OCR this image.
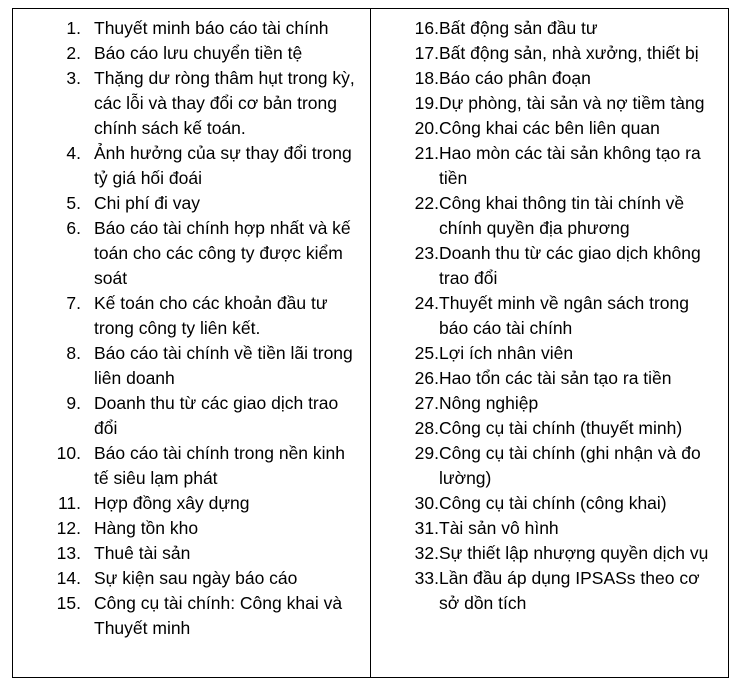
1. Thuyết minh báo cáo tài chính
2. Báo cáo lưu chuyển tiền tệ
3. Thặng dư ròng thâm hụt trong kỳ, các lỗi và thay đổi cơ bản trong chính sách kế toán.
4. Ảnh hưởng của sự thay đổi trong tỷ giá hối đoái
5. Chi phí đi vay
6. Báo cáo tài chính hợp nhất và kế toán cho các công ty được kiểm soát
7. Kế toán cho các khoản đầu tư trong công ty liên kết.
8. Báo cáo tài chính về tiền lãi trong liên doanh
9. Doanh thu từ các giao dịch trao đổi
10. Báo cáo tài chính trong nền kinh tế siêu lạm phát
11. Hợp đồng xây dựng
12. Hàng tồn kho
13. Thuê tài sản
14. Sự kiện sau ngày báo cáo
15. Công cụ tài chính: Công khai và Thuyết minh
16. Bất động sản đầu tư
17. Bất động sản, nhà xưởng, thiết bị
18. Báo cáo phân đoạn
19. Dự phòng, tài sản và nợ tiềm tàng
20. Công khai các bên liên quan
21. Hao mòn các tài sản không tạo ra tiền
22. Công khai thông tin tài chính về chính quyền địa phương
23. Doanh thu từ các giao dịch không trao đổi
24. Thuyết minh về ngân sách trong báo cáo tài chính
25. Lợi ích nhân viên
26. Hao tổn các tài sản tạo ra tiền
27. Nông nghiệp
28. Công cụ tài chính (thuyết minh)
29. Công cụ tài chính (ghi nhận và đo lường)
30. Công cụ tài chính (công khai)
31. Tài sản vô hình
32. Sự thiết lập nhượng quyền dịch vụ
33. Lần đầu áp dụng IPSASs theo cơ sở dồn tích
